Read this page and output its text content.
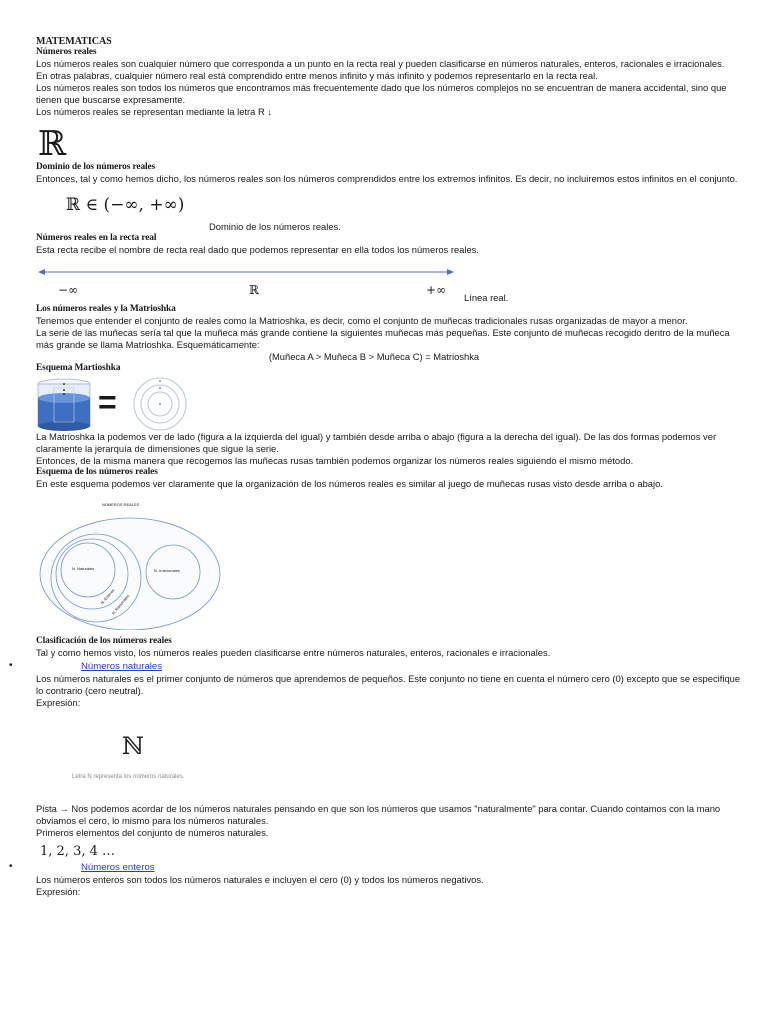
MATEMATICAS
Números reales

Los números reales son cualquier número que corresponda a un punto en la recta real y pueden clasificarse en números naturales, enteros, racionales e irracionales.

En otras palabras, cualquier número real está comprendido entre menos infinito y más infinito y podemos representarlo en la recta real.

Los números reales son todos los números que encontramos más frecuentemente dado que los números complejos no se encuentran de manera accidental, sino que tienen que buscarse expresamente.

Los números reales se representan mediante la letra R ↓

ℝ
Dominio de los números reales

Entonces, tal y como hemos dicho, los números reales son los números comprendidos entre los extremos infinitos. Es decir, no incluiremos estos infinitos en el conjunto.

ℝ ∈ (−∞, +∞)
Dominio de los números reales.
Números reales en la recta real

Esta recta recibe el nombre de recta real dado que podemos representar en ella todos los números reales.

−∞	ℝ	+∞
Línea real.
Los números reales y la Matrioshka

Tenemos que entender el conjunto de reales como la Matrioshka, es decir, como el conjunto de muñecas tradicionales rusas organizadas de mayor a menor.

La serie de las muñecas sería tal que la muñeca más grande contiene la siguientes muñecas más pequeñas. Este conjunto de muñecas recogido dentro de la muñeca más grande se llama Matrioshka. Esquemáticamente:

(Muñeca A > Muñeca B > Muñeca C) = Matrioshka

Esquema Martioshka
=

La Matrioshka la podemos ver de lado (figura a la izquierda del igual) y también desde arriba o abajo (figura a la derecha del igual). De las dos formas podemos ver claramente la jerarquía de dimensiones que sigue la serie.

Entonces, de la misma manera que recogemos las muñecas rusas también podemos organizar los números reales siguiendo el mismo método.

Esquema de los números reales

En este esquema podemos ver claramente que la organización de los números reales es similar al juego de muñecas rusas visto desde arriba o abajo.

NÚMEROS REALES
N. Naturales
N. Enteros
N. Racionales
N. Irracionales
Clasificación de los números reales

Tal y como hemos visto, los números reales pueden clasificarse entre números naturales, enteros, racionales e irracionales.

•	Números naturales

Los números naturales es el primer conjunto de números que aprendemos de pequeños. Este conjunto no tiene en cuenta el número cero (0) excepto que se especifique lo contrario (cero neutral).

Expresión:

ℕ
Letra N representa los números naturales.

Pista → Nos podemos acordar de los números naturales pensando en que son los números que usamos "naturalmente" para contar. Cuando contamos con la mano obviamos el cero, lo mismo para los números naturales.

Primeros elementos del conjunto de números naturales.

1, 2, 3, 4 …
•	Números enteros

Los números enteros son todos los números naturales e incluyen el cero (0) y todos los números negativos.

Expresión:
